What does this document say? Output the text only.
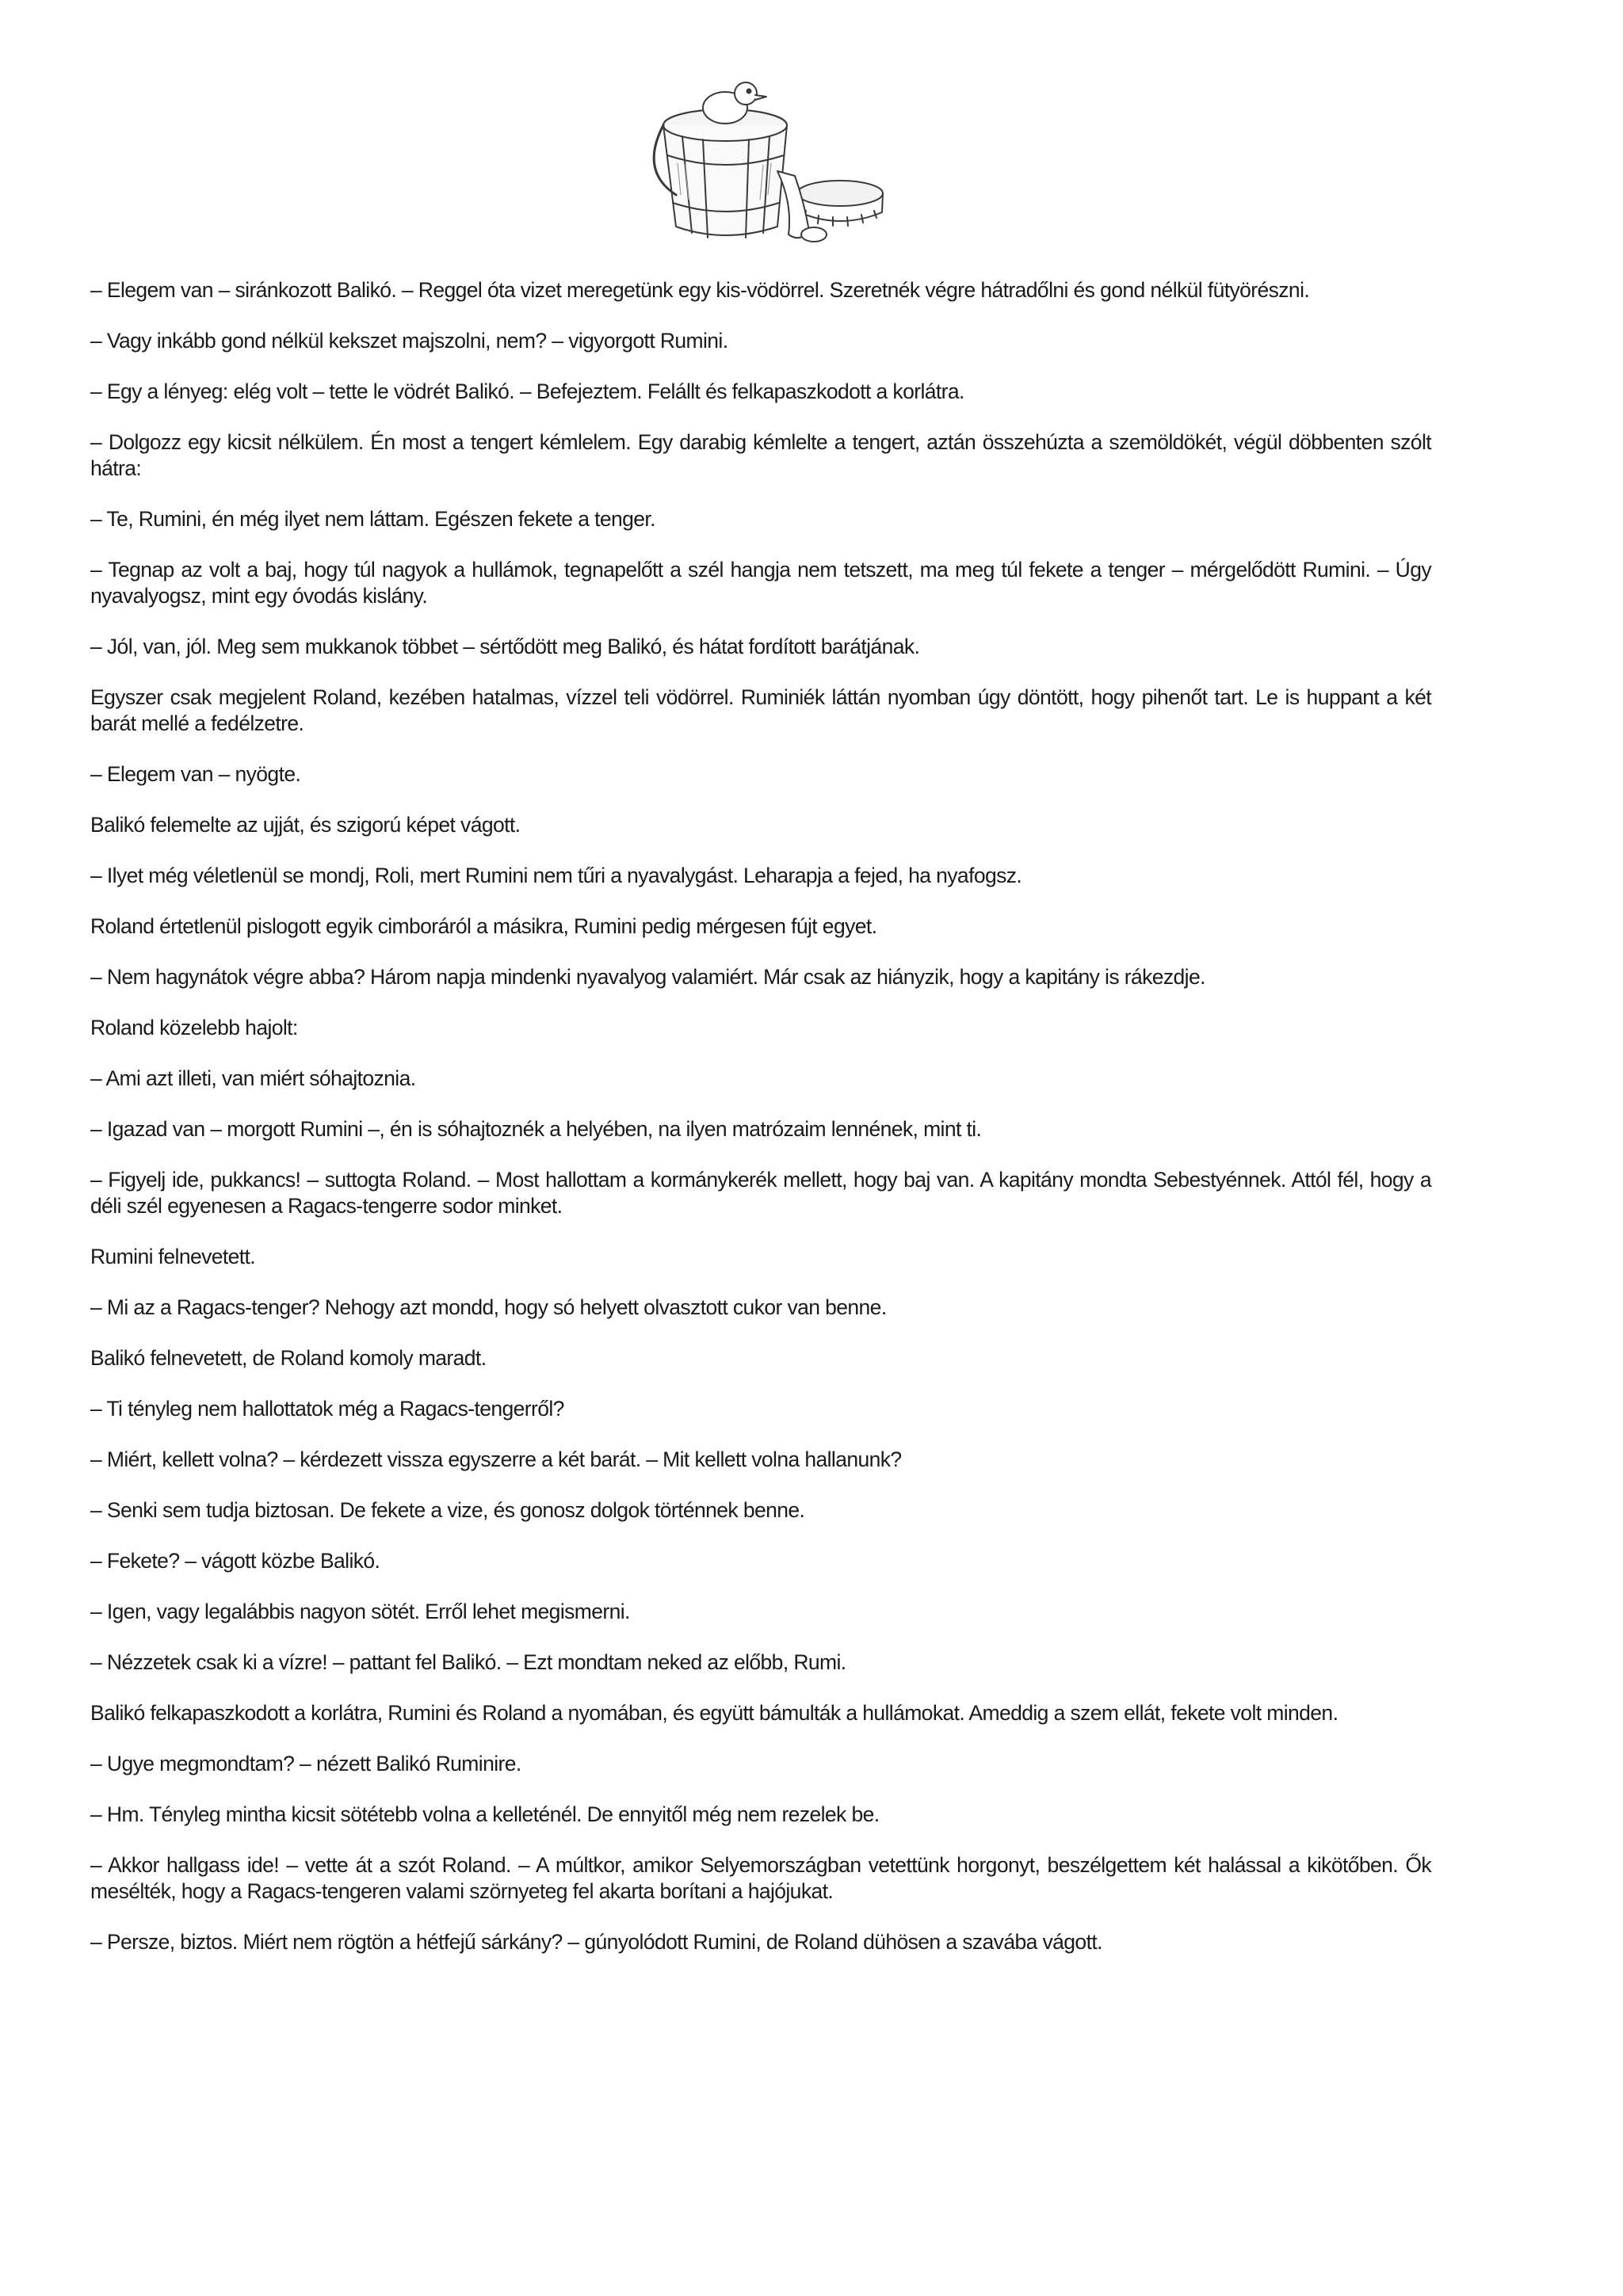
– Elegem van – siránkozott Balikó. – Reggel óta vizet meregetünk egy kis-vödörrel. Szeretnék végre hátradőlni és gond nélkül fütyörészni.

– Vagy inkább gond nélkül kekszet majszolni, nem? – vigyorgott Rumini.

– Egy a lényeg: elég volt – tette le vödrét Balikó. – Befejeztem. Felállt és felkapaszkodott a korlátra.

– Dolgozz egy kicsit nélkülem. Én most a tengert kémlelem. Egy darabig kémlelte a tengert, aztán összehúzta a szemöldökét, végül döbbenten szólt hátra:

– Te, Rumini, én még ilyet nem láttam. Egészen fekete a tenger.

– Tegnap az volt a baj, hogy túl nagyok a hullámok, tegnapelőtt a szél hangja nem tetszett, ma meg túl fekete a tenger – mérgelődött Rumini. – Úgy nyavalyogsz, mint egy óvodás kislány.

– Jól, van, jól. Meg sem mukkanok többet – sértődött meg Balikó, és hátat fordított barátjának.

Egyszer csak megjelent Roland, kezében hatalmas, vízzel teli vödörrel. Ruminiék láttán nyomban úgy döntött, hogy pihenőt tart. Le is huppant a két barát mellé a fedélzetre.

– Elegem van – nyögte.

Balikó felemelte az ujját, és szigorú képet vágott.

– Ilyet még véletlenül se mondj, Roli, mert Rumini nem tűri a nyavalygást. Leharapja a fejed, ha nyafogsz.

Roland értetlenül pislogott egyik cimboráról a másikra, Rumini pedig mérgesen fújt egyet.

– Nem hagynátok végre abba? Három napja mindenki nyavalyog valamiért. Már csak az hiányzik, hogy a kapitány is rákezdje.

Roland közelebb hajolt:

– Ami azt illeti, van miért sóhajtoznia.

– Igazad van – morgott Rumini –, én is sóhajtoznék a helyében, na ilyen matrózaim lennének, mint ti.

– Figyelj ide, pukkancs! – suttogta Roland. – Most hallottam a kormánykerék mellett, hogy baj van. A kapitány mondta Sebestyénnek. Attól fél, hogy a déli szél egyenesen a Ragacs-tengerre sodor minket.

Rumini felnevetett.

– Mi az a Ragacs-tenger? Nehogy azt mondd, hogy só helyett olvasztott cukor van benne.

Balikó felnevetett, de Roland komoly maradt.

– Ti tényleg nem hallottatok még a Ragacs-tengerről?

– Miért, kellett volna? – kérdezett vissza egyszerre a két barát. – Mit kellett volna hallanunk?

– Senki sem tudja biztosan. De fekete a vize, és gonosz dolgok történnek benne.

– Fekete? – vágott közbe Balikó.

– Igen, vagy legalábbis nagyon sötét. Erről lehet megismerni.

– Nézzetek csak ki a vízre! – pattant fel Balikó. – Ezt mondtam neked az előbb, Rumi.

Balikó felkapaszkodott a korlátra, Rumini és Roland a nyomában, és együtt bámulták a hullámokat. Ameddig a szem ellát, fekete volt minden.

– Ugye megmondtam? – nézett Balikó Ruminire.

– Hm. Tényleg mintha kicsit sötétebb volna a kelleténél. De ennyitől még nem rezelek be.

– Akkor hallgass ide! – vette át a szót Roland. – A múltkor, amikor Selyemországban vetettünk horgonyt, beszélgettem két halással a kikötőben. Ők mesélték, hogy a Ragacs-tengeren valami szörnyeteg fel akarta borítani a hajójukat.

– Persze, biztos. Miért nem rögtön a hétfejű sárkány? – gúnyolódott Rumini, de Roland dühösen a szavába vágott.
